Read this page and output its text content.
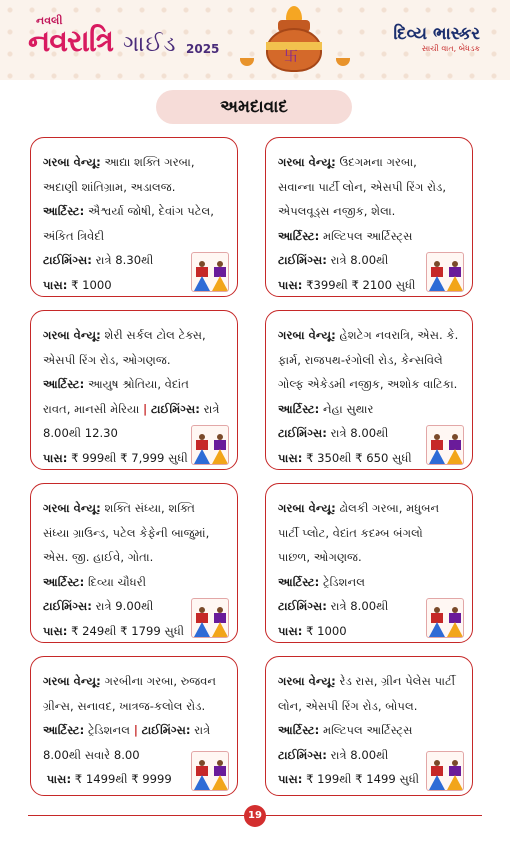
નવલી
નવરાત્રિ ગાઈડ 2025	卐
દિવ્ય ભાસ્કર
સાચી વાત, બેધડક
અમદાવાદ
ગરબા વેન્યૂ: આદ્યા શક્તિ ગરબા,
અદાણી શાંતિગ્રામ, અડાલજ.
આર્ટિસ્ટ: ઐશ્વર્યા જોષી, દેવાંગ પટેલ,
અંકિત ત્રિવેદી
ટાઈમિંગ્સ: રાત્રે 8.30થી
પાસ: ₹ 1000
ગરબા વેન્યૂ: ઉદગમના ગરબા,
સવાન્ના પાર્ટી લોન, એસપી રિંગ રોડ,
એપલવૂડ્સ નજીક, શેલા.
આર્ટિસ્ટ: મલ્ટિપલ આર્ટિસ્ટ્સ
ટાઈમિંગ્સ: રાત્રે 8.00થી
પાસ: ₹399થી ₹ 2100 સુધી
ગરબા વેન્યૂ: શેરી સર્કલ ટોલ ટેક્સ,
એસપી રિંગ રોડ, ઓગણજ.
આર્ટિસ્ટ: આયુષ શ્રોતિયા, વેદાંત
રાવત, માનસી મેરિયા | ટાઈમિંગ્સ: રાત્રે
8.00થી 12.30
પાસ: ₹ 999થી ₹ 7,999 સુધી
ગરબા વેન્યૂ: હેશટેગ નવરાત્રિ, એસ. કે.
ફાર્મ, રાજપથ-રંગોલી રોડ, કેન્સવિલે
ગોલ્ફ એકેડમી નજીક, અશોક વાટિકા.
આર્ટિસ્ટ: નેહા સુથાર
ટાઈમિંગ્સ: રાત્રે 8.00થી
પાસ: ₹ 350થી ₹ 650 સુધી
ગરબા વેન્યૂ: શક્તિ સંધ્યા, શક્તિ
સંધ્યા ગ્રાઉન્ડ, પટેલ કેફેની બાજુમાં,
એસ. જી. હાઈવે, ગોતા.
આર્ટિસ્ટ: દિવ્યા ચૌધરી
ટાઈમિંગ્સ: રાત્રે 9.00થી
પાસ: ₹ 249થી ₹ 1799 સુધી
ગરબા વેન્યૂ: ઢોલકી ગરબા, મધુબન
પાર્ટી પ્લોટ, વેદાંત કદમ્બ બંગલો
પાછળ, ઓગણજ.
આર્ટિસ્ટ: ટ્રેડિશનલ
ટાઈમિંગ્સ: રાત્રે 8.00થી
પાસ: ₹ 1000
ગરબા વેન્યૂ: ગરબીના ગરબા, રુજવન
ગ્રીન્સ, સનાવદ, ખાત્રજ-કલોલ રોડ.
આર્ટિસ્ટ: ટ્રેડિશનલ | ટાઈમિંગ્સ: રાત્રે
8.00થી સવારે 8.00
પાસ: ₹ 1499થી ₹ 9999
ગરબા વેન્યૂ: રેડ રાસ, ગ્રીન પેલેસ પાર્ટી
લોન, એસપી રિંગ રોડ, બોપલ.
આર્ટિસ્ટ: મલ્ટિપલ આર્ટિસ્ટ્સ
ટાઈમિંગ્સ: રાત્રે 8.00થી
પાસ: ₹ 199થી ₹ 1499 સુધી
19
